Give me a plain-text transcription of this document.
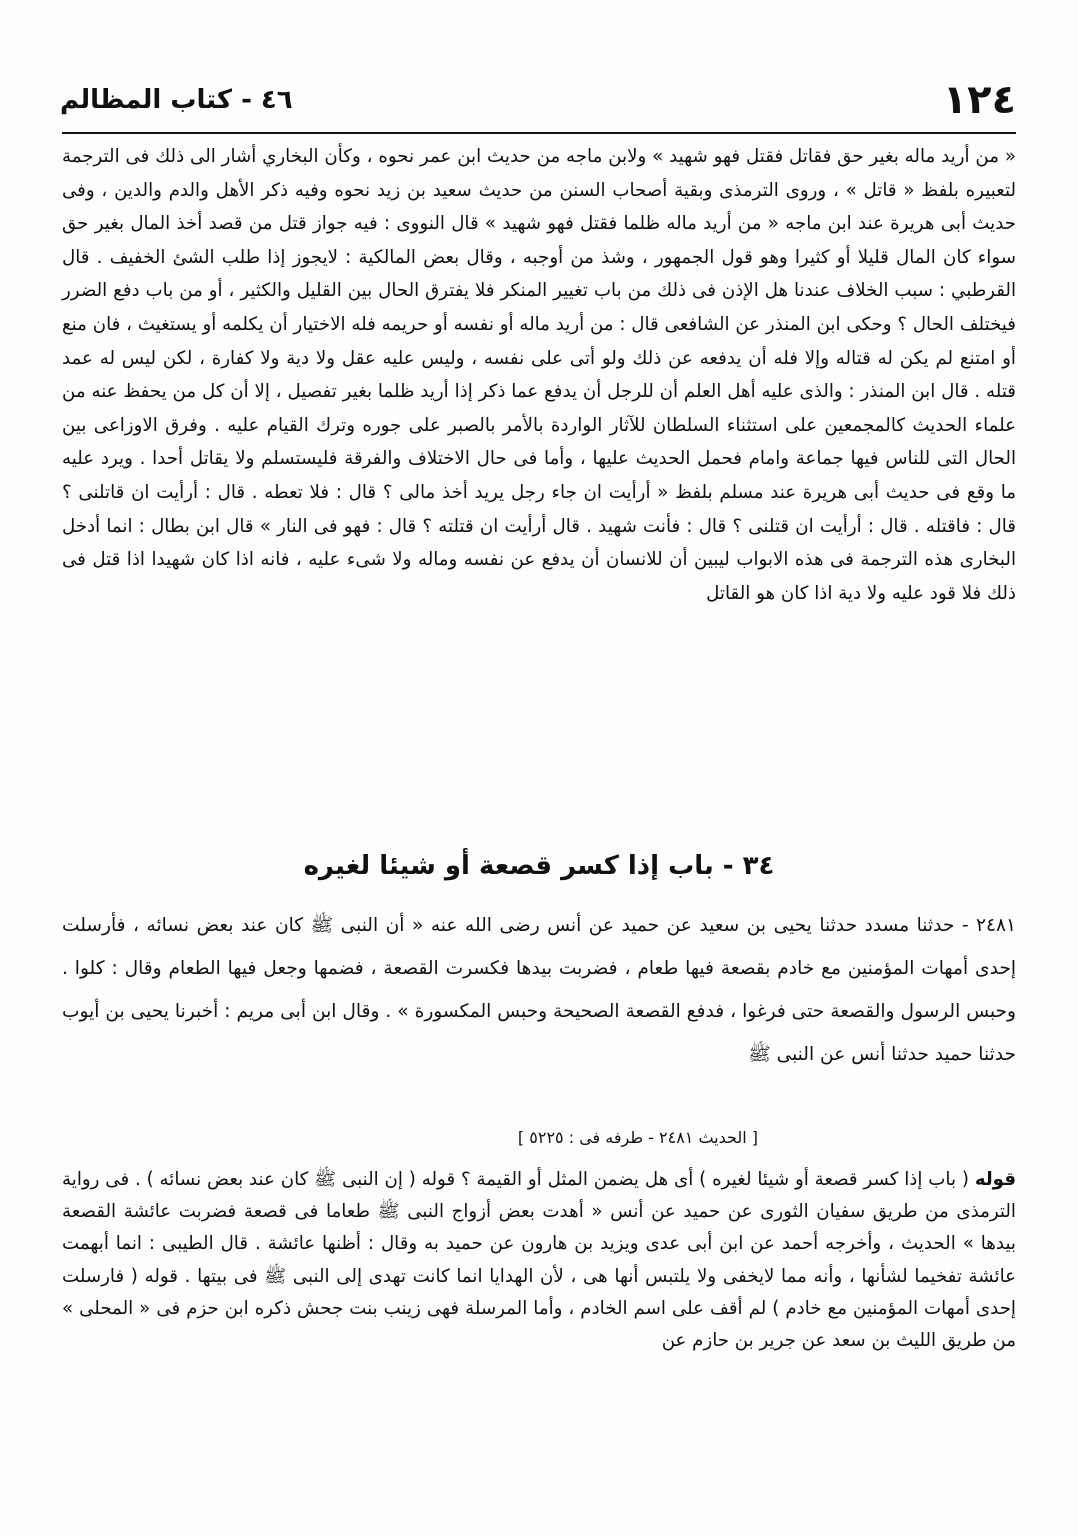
١٢٤
٤٦ - كتاب المظالم

« من أريد ماله بغير حق فقاتل فقتل فهو شهيد » ولابن ماجه من حديث ابن عمر نحوه ، وكأن البخاري أشار الى ذلك فى الترجمة لتعبيره بلفظ « قاتل » ، وروى الترمذى وبقية أصحاب السنن من حديث سعيد بن زيد نحوه وفيه ذكر الأهل والدم والدين ، وفى حديث أبى هريرة عند ابن ماجه « من أريد ماله ظلما فقتل فهو شهيد » قال النووى : فيه جواز قتل من قصد أخذ المال بغير حق سواء كان المال قليلا أو كثيرا وهو قول الجمهور ، وشذ من أوجبه ، وقال بعض المالكية : لايجوز إذا طلب الشئ الخفيف . قال القرطبي : سبب الخلاف عندنا هل الإذن فى ذلك من باب تغيير المنكر فلا يفترق الحال بين القليل والكثير ، أو من باب دفع الضرر فيختلف الحال ؟ وحكى ابن المنذر عن الشافعى قال : من أريد ماله أو نفسه أو حريمه فله الاختيار أن يكلمه أو يستغيث ، فان منع أو امتنع لم يكن له قتاله وإلا فله أن يدفعه عن ذلك ولو أتى على نفسه ، وليس عليه عقل ولا دية ولا كفارة ، لكن ليس له عمد قتله . قال ابن المنذر : والذى عليه أهل العلم أن للرجل أن يدفع عما ذكر إذا أريد ظلما بغير تفصيل ، إلا أن كل من يحفظ عنه من علماء الحديث كالمجمعين على استثناء السلطان للآثار الواردة بالأمر بالصبر على جوره وترك القيام عليه . وفرق الاوزاعى بين الحال التى للناس فيها جماعة وامام فحمل الحديث عليها ، وأما فى حال الاختلاف والفرقة فليستسلم ولا يقاتل أحدا . ويرد عليه ما وقع فى حديث أبى هريرة عند مسلم بلفظ « أرأيت ان جاء رجل يريد أخذ مالى ؟ قال : فلا تعطه . قال : أرأيت ان قاتلنى ؟ قال : فاقتله . قال : أرأيت ان قتلنى ؟ قال : فأنت شهيد . قال أرأيت ان قتلته ؟ قال : فهو فى النار » قال ابن بطال : انما أدخل البخارى هذه الترجمة فى هذه الابواب ليبين أن للانسان أن يدفع عن نفسه وماله ولا شىء عليه ، فانه اذا كان شهيدا اذا قتل فى ذلك فلا قود عليه ولا دية اذا كان هو القاتل

٣٤ - باب إذا كسر قصعة أو شيئا لغيره

٢٤٨١ - حدثنا مسدد حدثنا يحيى بن سعيد عن حميد عن أنس رضى الله عنه « أن النبى ﷺ كان عند بعض نسائه ، فأرسلت إحدى أمهات المؤمنين مع خادم بقصعة فيها طعام ، فضربت بيدها فكسرت القصعة ، فضمها وجعل فيها الطعام وقال : كلوا . وحبس الرسول والقصعة حتى فرغوا ، فدفع القصعة الصحيحة وحبس المكسورة » . وقال ابن أبى مريم : أخبرنا يحيى بن أيوب حدثنا حميد حدثنا أنس عن النبى ﷺ

[ الحديث ٢٤٨١ - طرفه فى : ٥٢٢٥ ]

قوله ( باب إذا كسر قصعة أو شيئا لغيره ) أى هل يضمن المثل أو القيمة ؟ قوله ( إن النبى ﷺ كان عند بعض نسائه ) . فى رواية الترمذى من طريق سفيان الثورى عن حميد عن أنس « أهدت بعض أزواج النبى ﷺ طعاما فى قصعة فضربت عائشة القصعة بيدها » الحديث ، وأخرجه أحمد عن ابن أبى عدى ويزيد بن هارون عن حميد به وقال : أظنها عائشة . قال الطيبى : انما أبهمت عائشة تفخيما لشأنها ، وأنه مما لايخفى ولا يلتبس أنها هى ، لأن الهدايا انما كانت تهدى إلى النبى ﷺ فى بيتها . قوله ( فارسلت إحدى أمهات المؤمنين مع خادم ) لم أقف على اسم الخادم ، وأما المرسلة فهى زينب بنت جحش ذكره ابن حزم فى « المحلى » من طريق الليث بن سعد عن جرير بن حازم عن
